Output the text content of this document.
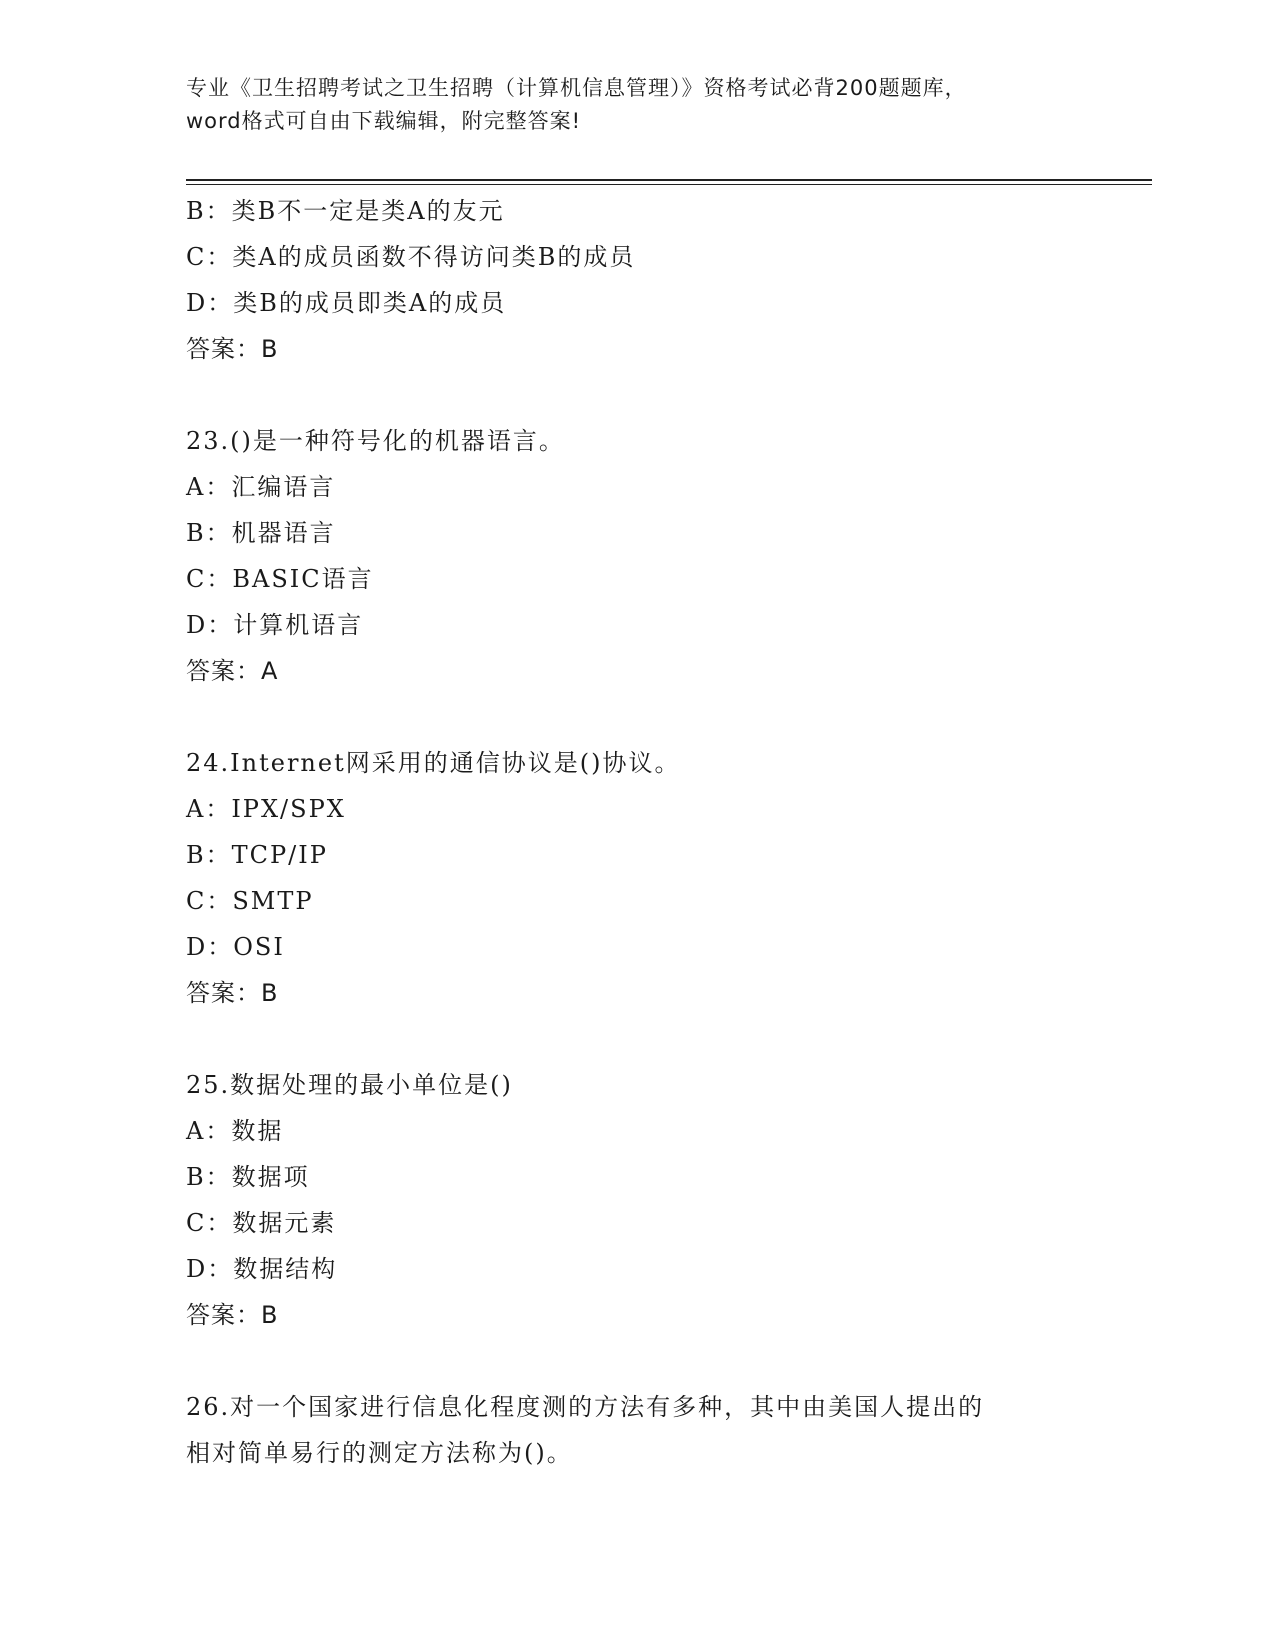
专业《卫生招聘考试之卫生招聘（计算机信息管理）》资格考试必背200题题库，
word格式可自由下载编辑，附完整答案!
B：类B不一定是类A的友元
C：类A的成员函数不得访问类B的成员
D：类B的成员即类A的成员
答案：B
23.()是一种符号化的机器语言。
A：汇编语言
B：机器语言
C：BASIC语言
D：计算机语言
答案：A
24.Internet网采用的通信协议是()协议。
A：IPX/SPX
B：TCP/IP
C：SMTP
D：OSI
答案：B
25.数据处理的最小单位是()
A：数据
B：数据项
C：数据元素
D：数据结构
答案：B
26.对一个国家进行信息化程度测的方法有多种，其中由美国人提出的
相对简单易行的测定方法称为()。
